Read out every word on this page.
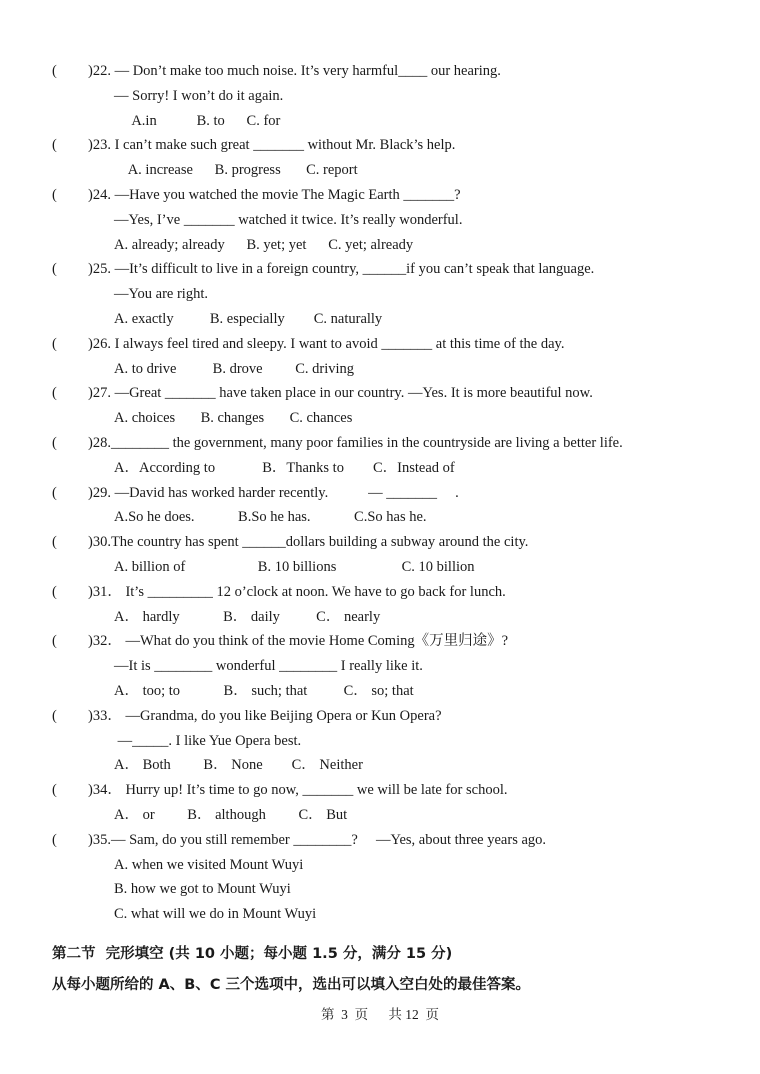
( )22. — Don’t make too much noise. It’s very harmful____ our hearing.
— Sorry! I won’t do it again.
A.in           B. to      C. for
( )23. I can’t make such great _______ without Mr. Black’s help.
A. increase      B. progress       C. report
( )24. —Have you watched the movie The Magic Earth _______?
—Yes, I’ve _______ watched it twice. It’s really wonderful.
A. already; already      B. yet; yet      C. yet; already
( )25. —It’s difficult to live in a foreign country, ______if you can’t speak that language.
—You are right.
A. exactly          B. especially        C. naturally
( )26. I always feel tired and sleepy. I want to avoid _______ at this time of the day.
A. to drive          B. drove         C. driving
( )27. —Great _______ have taken place in our country. —Yes. It is more beautiful now.
A. choices       B. changes       C. chances
( )28.________ the government, many poor families in the countryside are living a better life.
A．According to             B．Thanks to        C．Instead of
( )29. —David has worked harder recently.           — _______     .
A.So he does.            B.So he has.            C.So has he.
( )30.The country has spent ______dollars building a subway around the city.
A. billion of                    B. 10 billions                  C. 10 billion
( )31． It’s _________ 12 o’clock at noon. We have to go back for lunch.
A． hardly            B． daily          C． nearly
( )32． —What do you think of the movie Home Coming《万里归途》?
—It is ________ wonderful ________ I really like it.
A． too; to            B． such; that          C． so; that
( )33． —Grandma, do you like Beijing Opera or Kun Opera?
—_____. I like Yue Opera best.
A． Both         B． None        C． Neither
( )34． Hurry up! It’s time to go now, _______ we will be late for school.
A． or         B． although         C． But
( )35.— Sam, do you still remember ________?     —Yes, about three years ago.
A. when we visited Mount Wuyi
B. how we got to Mount Wuyi
C. what will we do in Mount Wuyi
第二节  完形填空 (共 10 小题；每小题 1.5 分，满分 15 分)
从每小题所给的 A、B、C 三个选项中，选出可以填入空白处的最佳答案。
第  3  页      共 12  页
